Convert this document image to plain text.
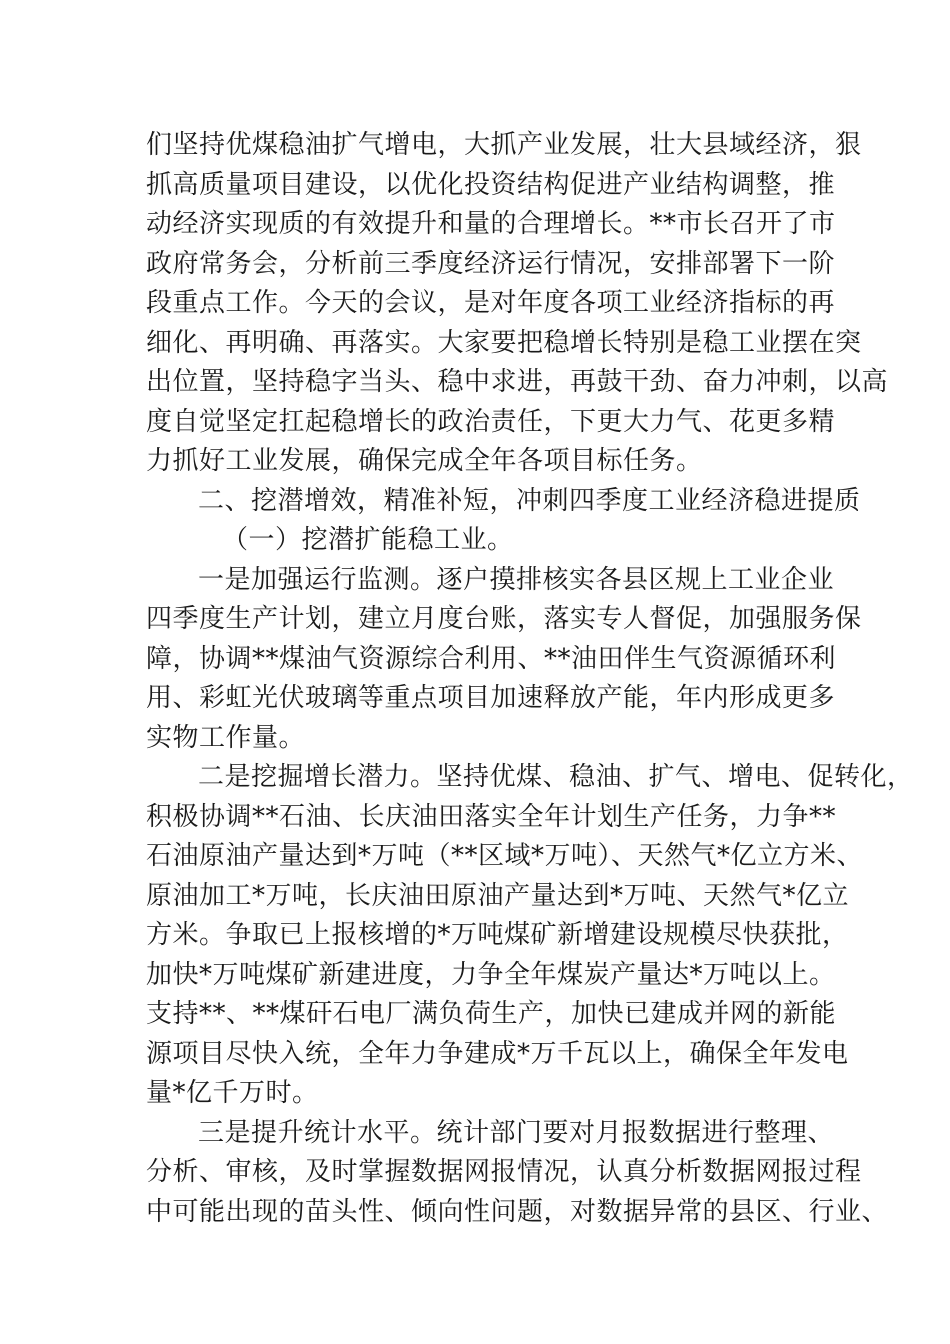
们坚持优煤稳油扩气增电，大抓产业发展，壮大县域经济，狠
抓高质量项目建设，以优化投资结构促进产业结构调整，推
动经济实现质的有效提升和量的合理增长。**市长召开了市
政府常务会，分析前三季度经济运行情况，安排部署下一阶
段重点工作。今天的会议，是对年度各项工业经济指标的再
细化、再明确、再落实。大家要把稳增长特别是稳工业摆在突
出位置，坚持稳字当头、稳中求进，再鼓干劲、奋力冲刺，以高
度自觉坚定扛起稳增长的政治责任，下更大力气、花更多精
力抓好工业发展，确保完成全年各项目标任务。
二、挖潜增效，精准补短，冲刺四季度工业经济稳进提质
（一）挖潜扩能稳工业。
一是加强运行监测。逐户摸排核实各县区规上工业企业
四季度生产计划，建立月度台账，落实专人督促，加强服务保
障，协调**煤油气资源综合利用、**油田伴生气资源循环利
用、彩虹光伏玻璃等重点项目加速释放产能，年内形成更多
实物工作量。
二是挖掘增长潜力。坚持优煤、稳油、扩气、增电、促转化，
积极协调**石油、长庆油田落实全年计划生产任务，力争**
石油原油产量达到*万吨（**区域*万吨）、天然气*亿立方米、
原油加工*万吨，长庆油田原油产量达到*万吨、天然气*亿立
方米。争取已上报核增的*万吨煤矿新增建设规模尽快获批，
加快*万吨煤矿新建进度，力争全年煤炭产量达*万吨以上。
支持**、**煤矸石电厂满负荷生产，加快已建成并网的新能
源项目尽快入统，全年力争建成*万千瓦以上，确保全年发电
量*亿千万时。
三是提升统计水平。统计部门要对月报数据进行整理、
分析、审核，及时掌握数据网报情况，认真分析数据网报过程
中可能出现的苗头性、倾向性问题，对数据异常的县区、行业、
